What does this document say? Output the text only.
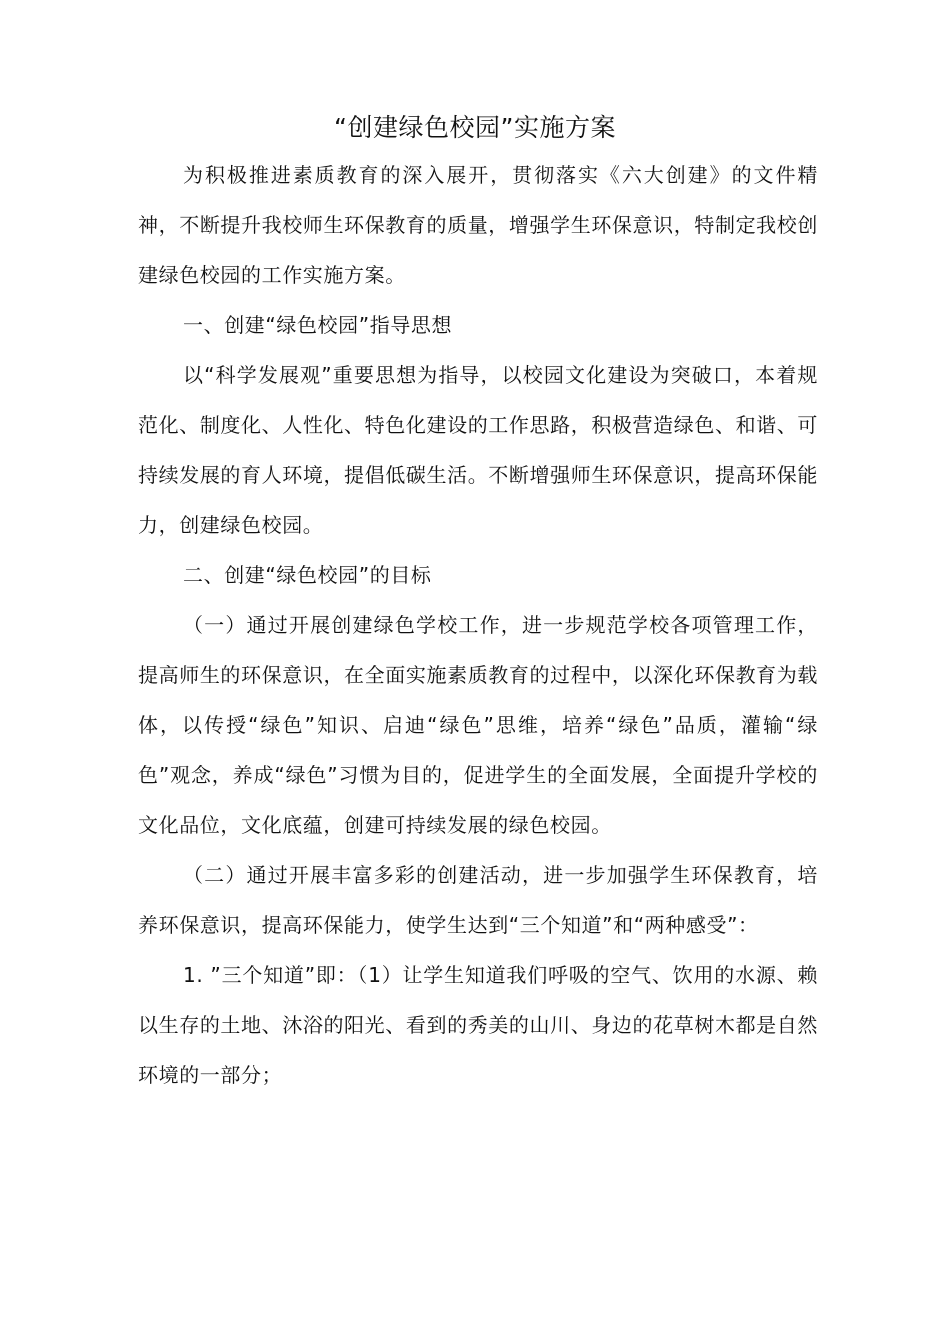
“创建绿色校园”实施方案

为积极推进素质教育的深入展开，贯彻落实《六大创建》的文件精神，不断提升我校师生环保教育的质量，增强学生环保意识，特制定我校创建绿色校园的工作实施方案。

一、创建“绿色校园”指导思想

以“科学发展观”重要思想为指导，以校园文化建设为突破口，本着规范化、制度化、人性化、特色化建设的工作思路，积极营造绿色、和谐、可持续发展的育人环境，提倡低碳生活。不断增强师生环保意识，提高环保能力，创建绿色校园。

二、创建“绿色校园”的目标

（一）通过开展创建绿色学校工作，进一步规范学校各项管理工作，提高师生的环保意识，在全面实施素质教育的过程中，以深化环保教育为载体，以传授“绿色”知识、启迪“绿色”思维，培养“绿色”品质，灌输“绿色”观念，养成“绿色”习惯为目的，促进学生的全面发展，全面提升学校的文化品位，文化底蕴，创建可持续发展的绿色校园。

（二）通过开展丰富多彩的创建活动，进一步加强学生环保教育，培养环保意识，提高环保能力，使学生达到“三个知道”和“两种感受”：

1. ”三个知道”即：（1）让学生知道我们呼吸的空气、饮用的水源、赖以生存的土地、沐浴的阳光、看到的秀美的山川、身边的花草树木都是自然环境的一部分；
